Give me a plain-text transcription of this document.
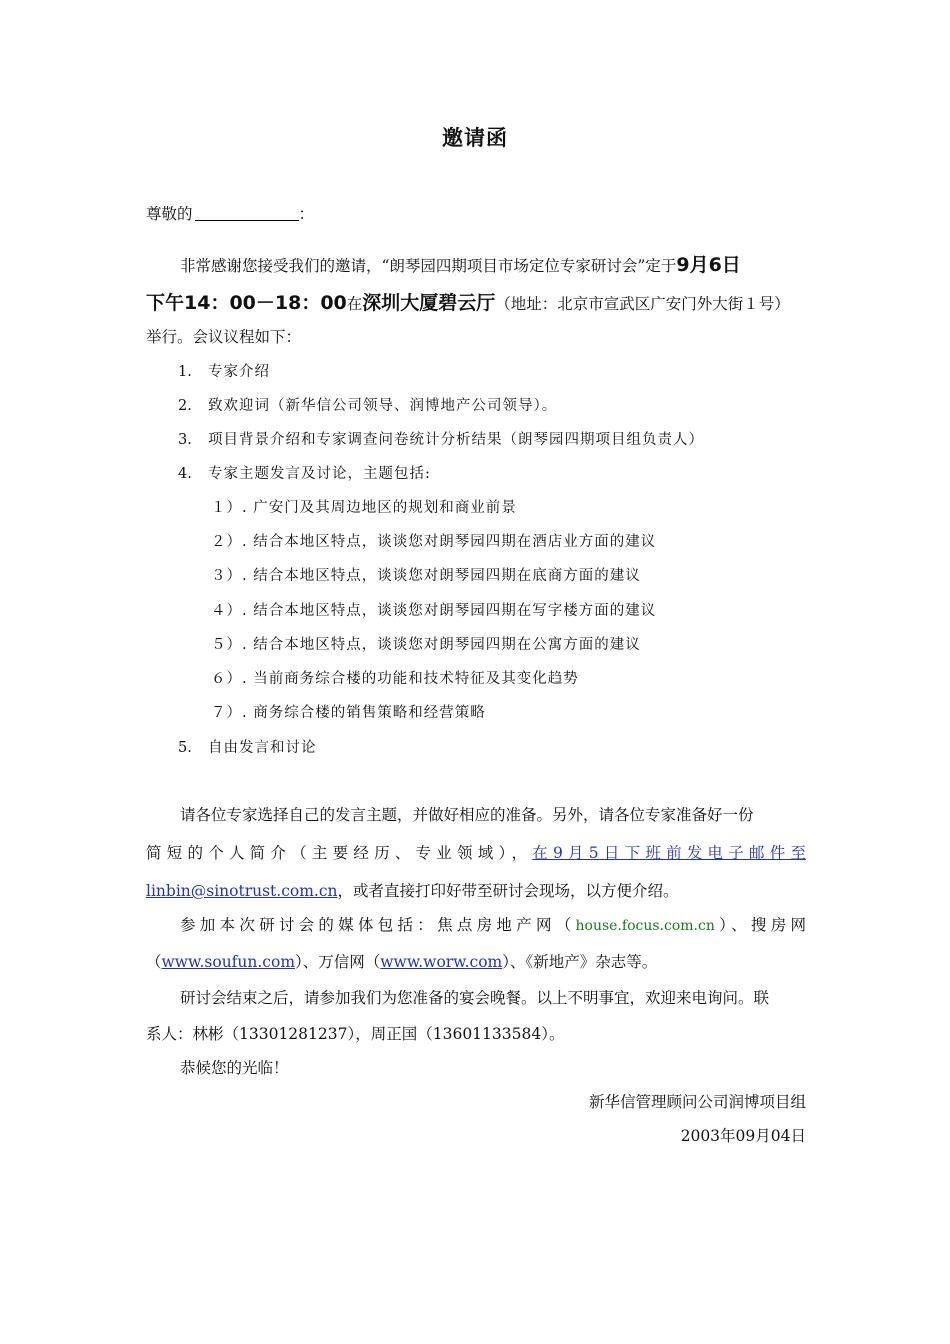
邀请函
尊敬的	：
非常感谢您接受我们的邀请，“朗琴园四期项目市场定位专家研讨会”定于9月6日
下午14：00－18：00在深圳大厦碧云厅（地址：北京市宣武区广安门外大街１号）
举行。会议议程如下：
1. 专家介绍
2. 致欢迎词（新华信公司领导、润博地产公司领导）。
3. 项目背景介绍和专家调查问卷统计分析结果（朗琴园四期项目组负责人）
4. 专家主题发言及讨论，主题包括:
１）. 广安门及其周边地区的规划和商业前景
２）. 结合本地区特点，谈谈您对朗琴园四期在酒店业方面的建议
３）. 结合本地区特点，谈谈您对朗琴园四期在底商方面的建议
４）. 结合本地区特点，谈谈您对朗琴园四期在写字楼方面的建议
５）. 结合本地区特点，谈谈您对朗琴园四期在公寓方面的建议
６）. 当前商务综合楼的功能和技术特征及其变化趋势
７）. 商务综合楼的销售策略和经营策略
5. 自由发言和讨论
请各位专家选择自己的发言主题，并做好相应的准备。另外，请各位专家准备好一份
简短的个人简介（主要经历、专业领域），在9月5日下班前发电子邮件至
linbin@sinotrust.com.cn，或者直接打印好带至研讨会现场，以方便介绍。
参加本次研讨会的媒体包括：焦点房地产网（house.focus.com.cn）、搜房网
（www.soufun.com）、万信网（www.worw.com）、《新地产》杂志等。
研讨会结束之后，请参加我们为您准备的宴会晚餐。以上不明事宜，欢迎来电询问。联
系人：林彬（13301281237），周正国（13601133584）。
恭候您的光临！
新华信管理顾问公司润博项目组
2003年09月04日
